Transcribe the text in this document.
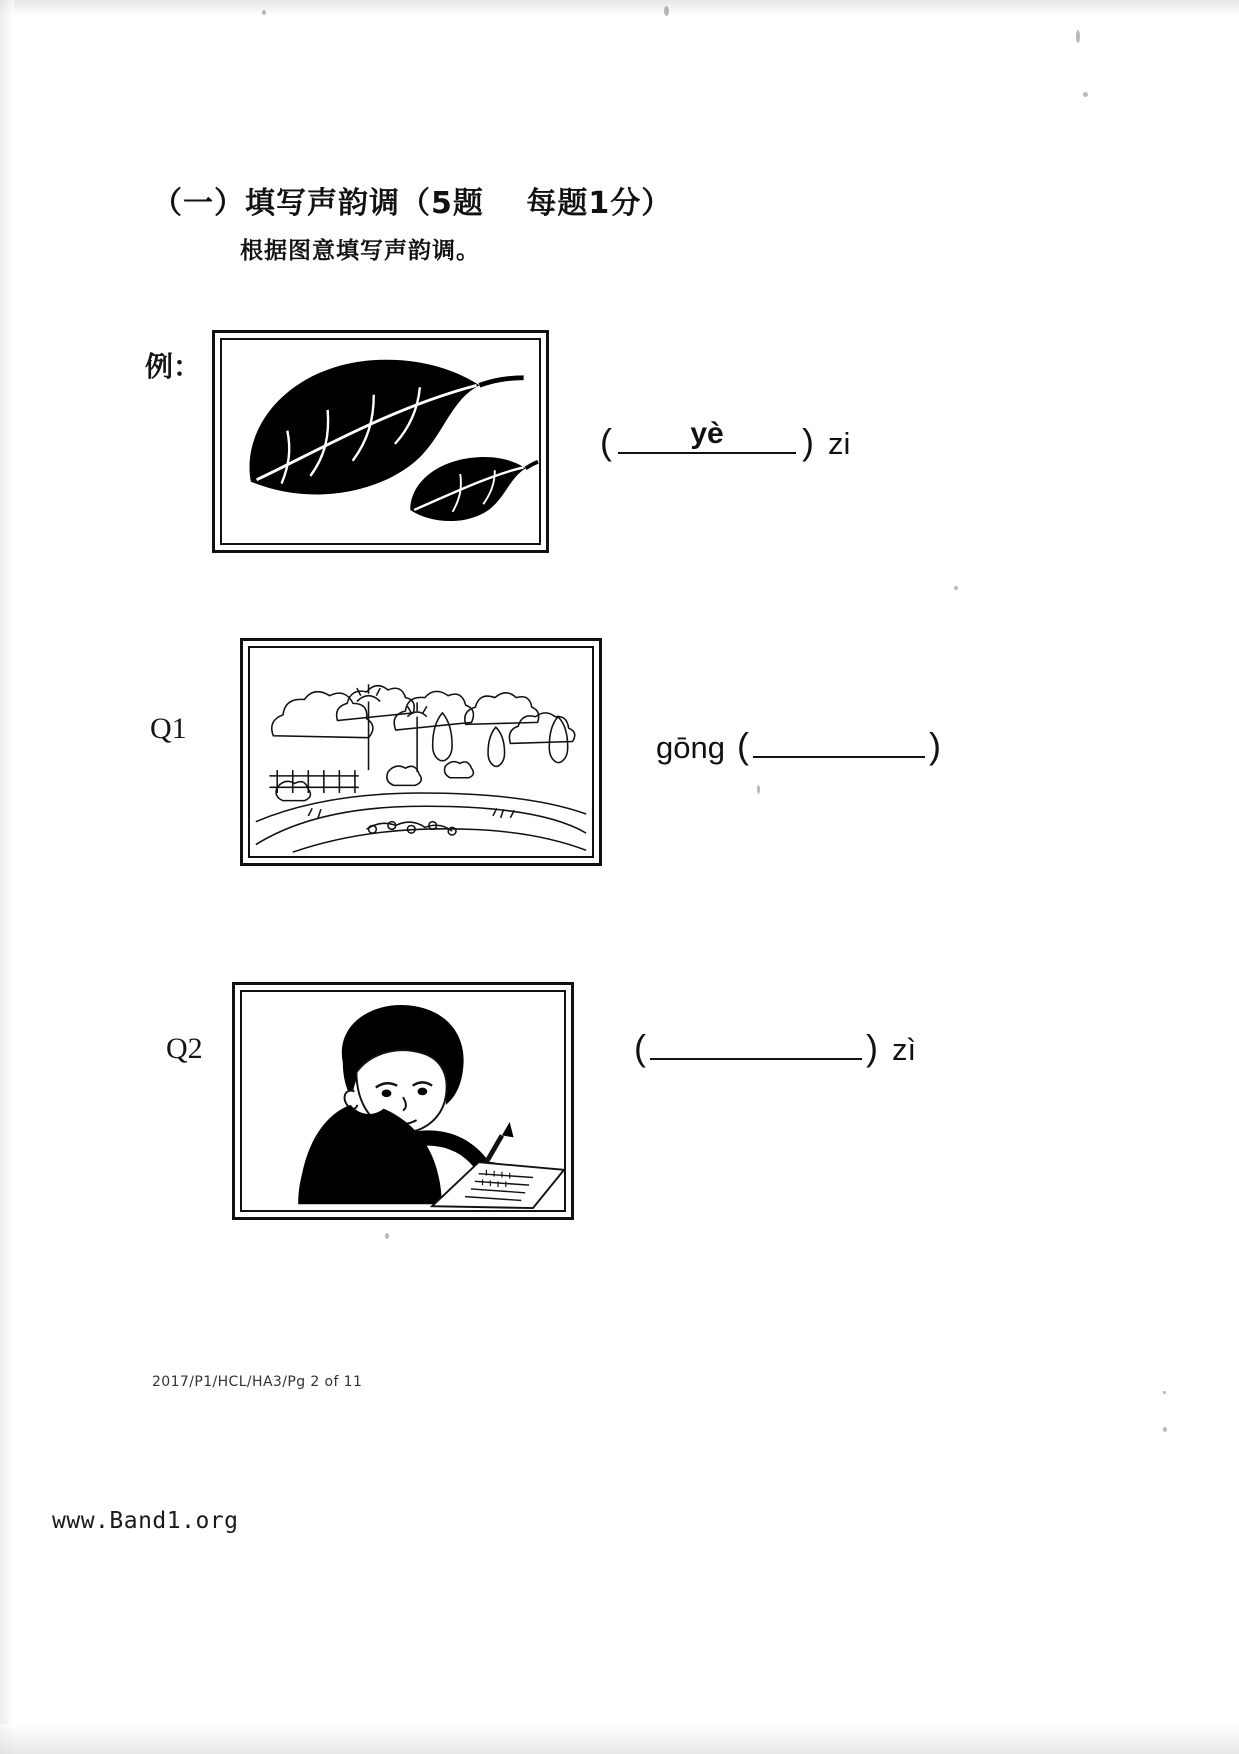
（一）填写声韵调（5题　 每题1分）
根据图意填写声韵调。
例：
(	yè ) zi
Q1
gōng (	)
Q2	(	) zì
2017/P1/HCL/HA3/Pg 2 of 11
www.Band1.org
